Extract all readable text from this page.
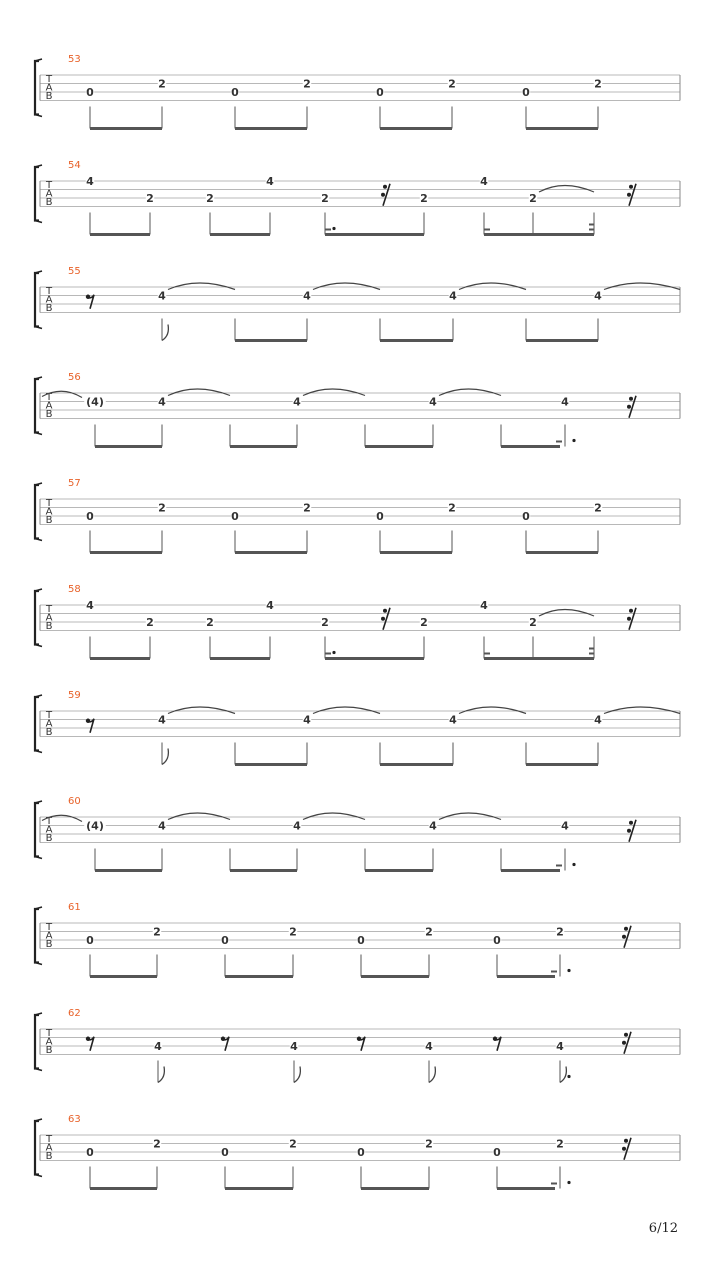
T
A
B
53
0
2
0
2
0
2
0
2
T
A
B
54
4
2	2
4
2	2
4
2
T
A
B
55
4	4	4	4
T
A
B
56
(4)	4	4	4	4
T
A
B
57
0
2
0
2
0
2
0
2
T
A
B
58
4
2	2
4
2	2
4
2
T
A
B
59
4	4	4	4
T
A
B
60
(4)	4	4	4	4
T
A
B
61
0
2
0
2
0
2
0
2
T
A
B
62
4	4	4	4
T
A
B
63
0
2
0
2
0
2
0
2
6/12
